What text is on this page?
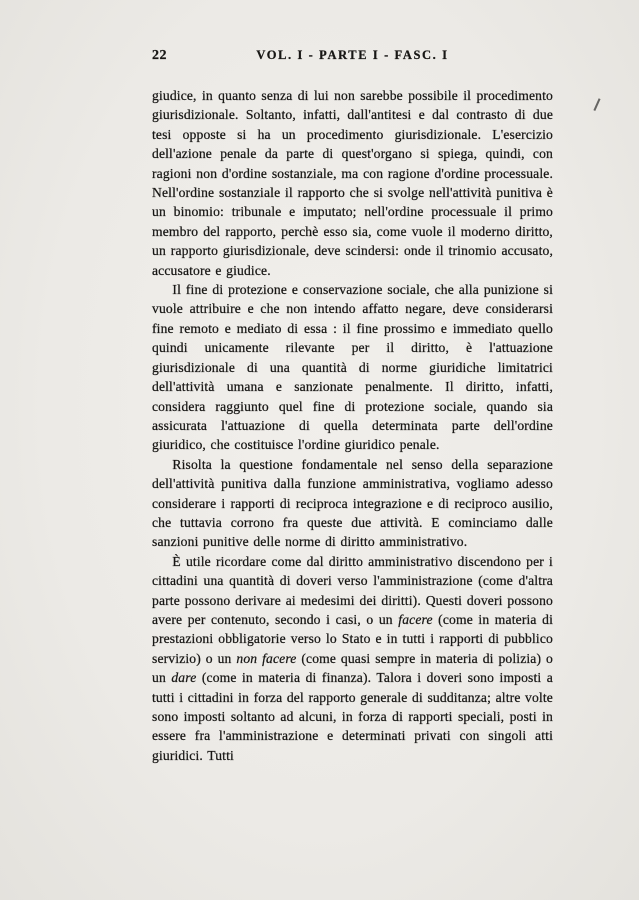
22	VOL. I - PARTE I - FASC. I

giudice, in quanto senza di lui non sarebbe possibile il procedimento giurisdizionale. Soltanto, infatti, dall'antitesi e dal contrasto di due tesi opposte si ha un procedimento giurisdizionale. L'esercizio dell'azione penale da parte di quest'organo si spiega, quindi, con ragioni non d'ordine sostanziale, ma con ragione d'ordine processuale. Nell'ordine sostanziale il rapporto che si svolge nell'attività punitiva è un binomio: tribunale e imputato; nell'ordine processuale il primo membro del rapporto, perchè esso sia, come vuole il moderno diritto, un rapporto giurisdizionale, deve scindersi: onde il trinomio accusato, accusatore e giudice.

Il fine di protezione e conservazione sociale, che alla punizione si vuole attribuire e che non intendo affatto negare, deve considerarsi fine remoto e mediato di essa : il fine prossimo e immediato quello quindi unicamente rilevante per il diritto, è l'attuazione giurisdizionale di una quantità di norme giuridiche limitatrici dell'attività umana e sanzionate penalmente. Il diritto, infatti, considera raggiunto quel fine di protezione sociale, quando sia assicurata l'attuazione di quella determinata parte dell'ordine giuridico, che costituisce l'ordine giuridico penale.

Risolta la questione fondamentale nel senso della separazione dell'attività punitiva dalla funzione amministrativa, vogliamo adesso considerare i rapporti di reciproca integrazione e di reciproco ausilio, che tuttavia corrono fra queste due attività. E cominciamo dalle sanzioni punitive delle norme di diritto amministrativo.

È utile ricordare come dal diritto amministrativo discendono per i cittadini una quantità di doveri verso l'amministrazione (come d'altra parte possono derivare ai medesimi dei diritti). Questi doveri possono avere per contenuto, secondo i casi, o un facere (come in materia di prestazioni obbligatorie verso lo Stato e in tutti i rapporti di pubblico servizio) o un non facere (come quasi sempre in materia di polizia) o un dare (come in materia di finanza). Talora i doveri sono imposti a tutti i cittadini in forza del rapporto generale di sudditanza; altre volte sono imposti soltanto ad alcuni, in forza di rapporti speciali, posti in essere fra l'amministrazione e determinati privati con singoli atti giuridici. Tutti
